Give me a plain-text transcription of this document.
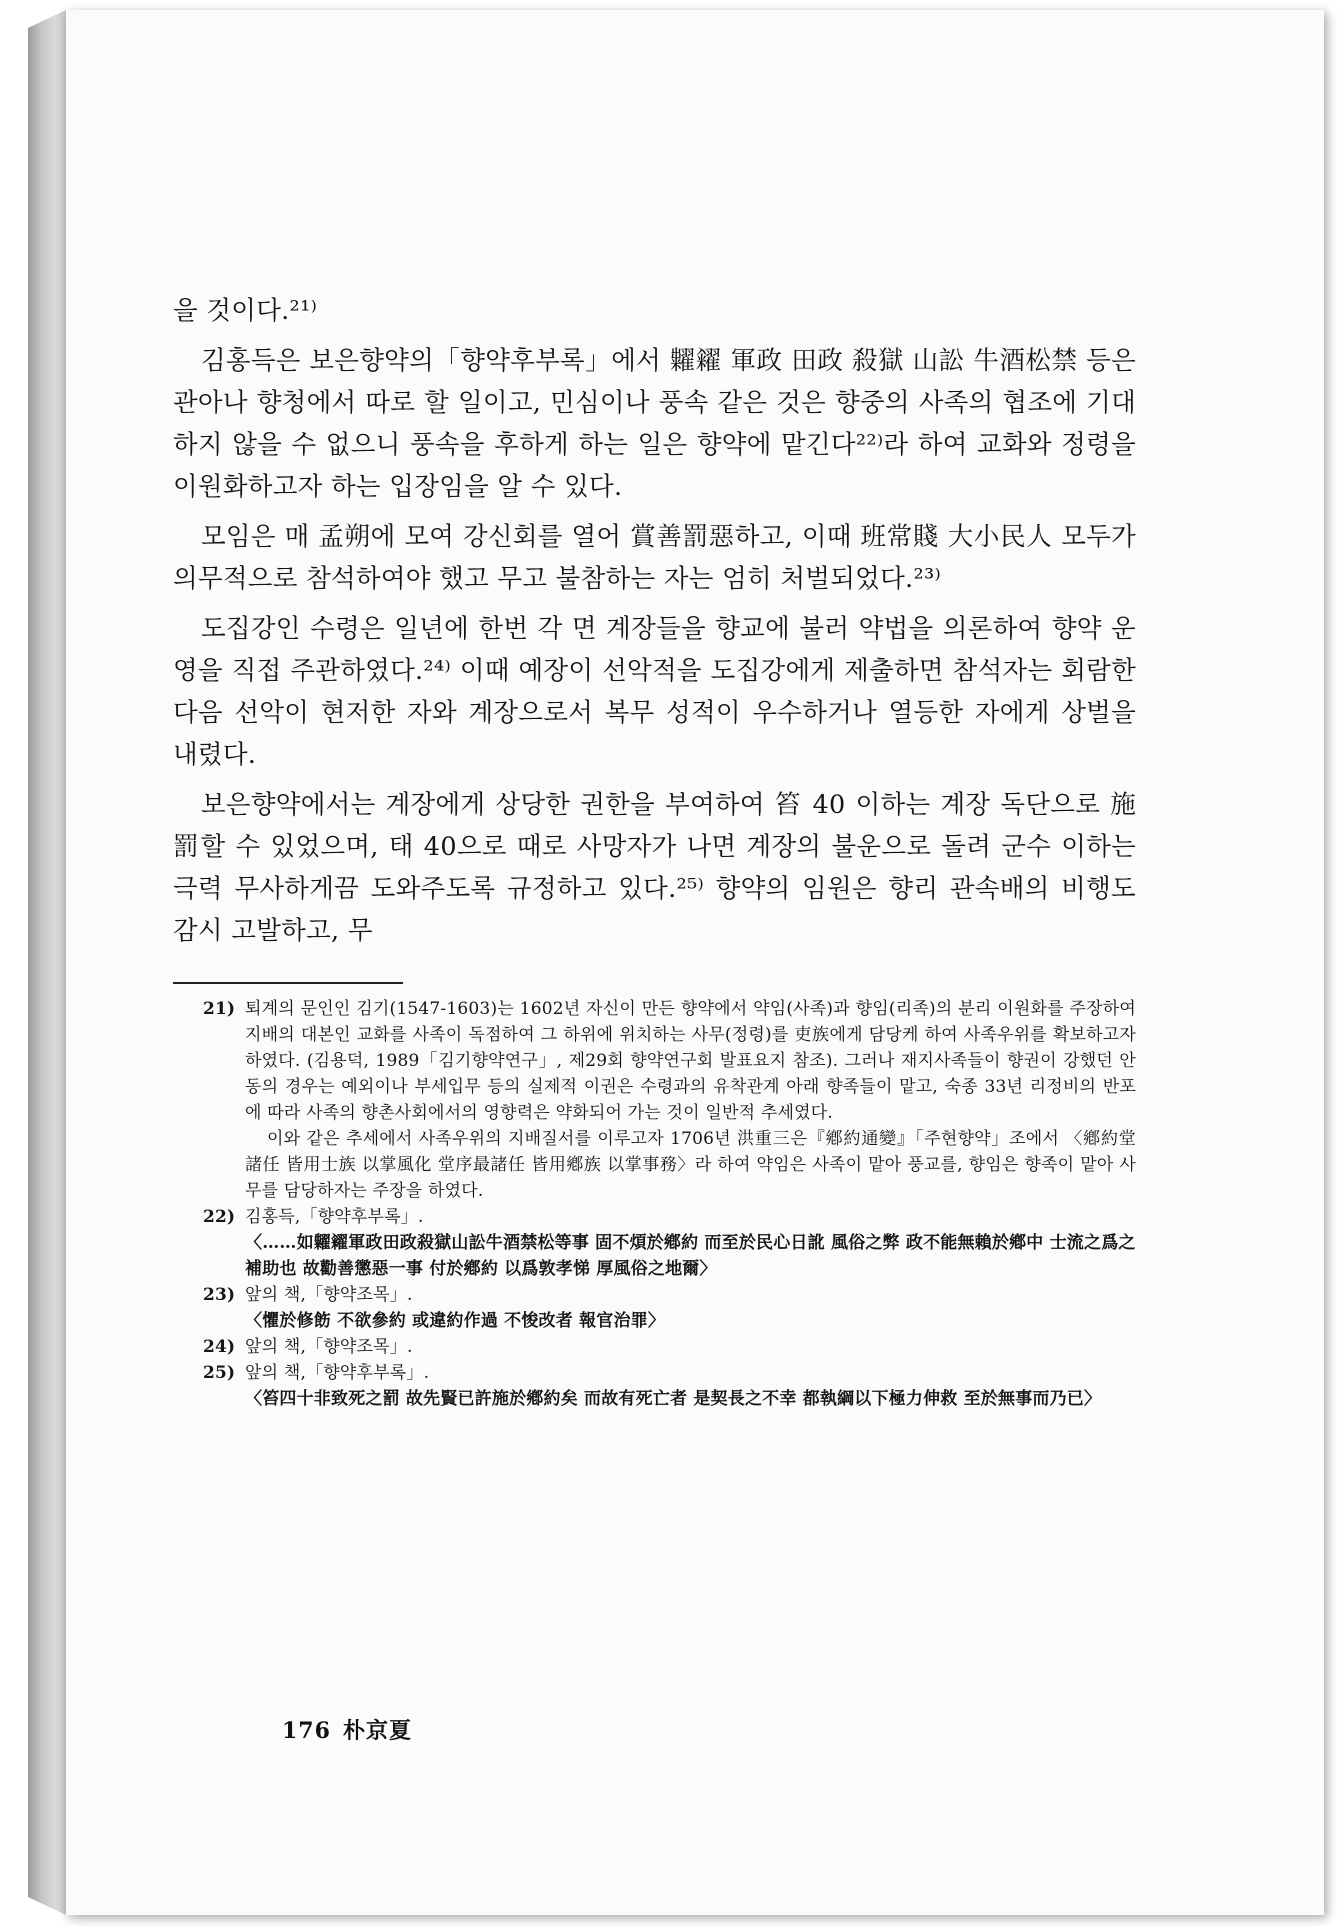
을 것이다.²¹⁾

김홍득은 보은향약의「향약후부록」에서 糶糴 軍政 田政 殺獄 山訟 牛酒松禁 등은 관아나 향청에서 따로 할 일이고, 민심이나 풍속 같은 것은 향중의 사족의 협조에 기대하지 않을 수 없으니 풍속을 후하게 하는 일은 향약에 맡긴다²²⁾라 하여 교화와 정령을 이원화하고자 하는 입장임을 알 수 있다.

모임은 매 孟朔에 모여 강신회를 열어 賞善罰惡하고, 이때 班常賤 大小民人 모두가 의무적으로 참석하여야 했고 무고 불참하는 자는 엄히 처벌되었다.²³⁾

도집강인 수령은 일년에 한번 각 면 계장들을 향교에 불러 약법을 의론하여 향약 운영을 직접 주관하였다.²⁴⁾ 이때 예장이 선악적을 도집강에게 제출하면 참석자는 회람한 다음 선악이 현저한 자와 계장으로서 복무 성적이 우수하거나 열등한 자에게 상벌을 내렸다.

보은향약에서는 계장에게 상당한 권한을 부여하여 笞 40 이하는 계장 독단으로 施罰할 수 있었으며, 태 40으로 때로 사망자가 나면 계장의 불운으로 돌려 군수 이하는 극력 무사하게끔 도와주도록 규정하고 있다.²⁵⁾ 향약의 임원은 향리 관속배의 비행도 감시 고발하고, 무

21) 퇴계의 문인인 김기(1547-1603)는 1602년 자신이 만든 향약에서 약임(사족)과 향임(리족)의 분리 이원화를 주장하여 지배의 대본인 교화를 사족이 독점하여 그 하위에 위치하는 사무(정령)를 吏族에게 담당케 하여 사족우위를 확보하고자 하였다. (김용덕, 1989「김기향약연구」, 제29회 향약연구회 발표요지 참조). 그러나 재지사족들이 향권이 강했던 안동의 경우는 예외이나 부세입무 등의 실제적 이권은 수령과의 유착관계 아래 향족들이 맡고, 숙종 33년 리정비의 반포에 따라 사족의 향촌사회에서의 영향력은 약화되어 가는 것이 일반적 추세였다.
이와 같은 추세에서 사족우위의 지배질서를 이루고자 1706년 洪重三은『鄕約通變』「주현향약」조에서 〈鄕約堂諸任 皆用士族 以掌風化 堂序最諸任 皆用鄕族 以掌事務〉라 하여 약임은 사족이 맡아 풍교를, 향임은 향족이 맡아 사무를 담당하자는 주장을 하였다.
22) 김홍득,「향약후부록」.
〈……如糶糴軍政田政殺獄山訟牛酒禁松等事 固不煩於鄕約 而至於民心日訛 風俗之弊 政不能無賴於鄕中 士流之爲之補助也 故勸善懲惡一事 付於鄕約 以爲敦孝悌 厚風俗之地爾〉
23) 앞의 책,「향약조목」.
〈懼於修飭 不欲參約 或違約作過 不悛改者 報官治罪〉
24) 앞의 책,「향약조목」.
25) 앞의 책,「향약후부록」.
〈笞四十非致死之罰 故先賢已許施於鄕約矣 而故有死亡者 是契長之不幸 都執綱以下極力伸救 至於無事而乃已〉
176 朴京夏
